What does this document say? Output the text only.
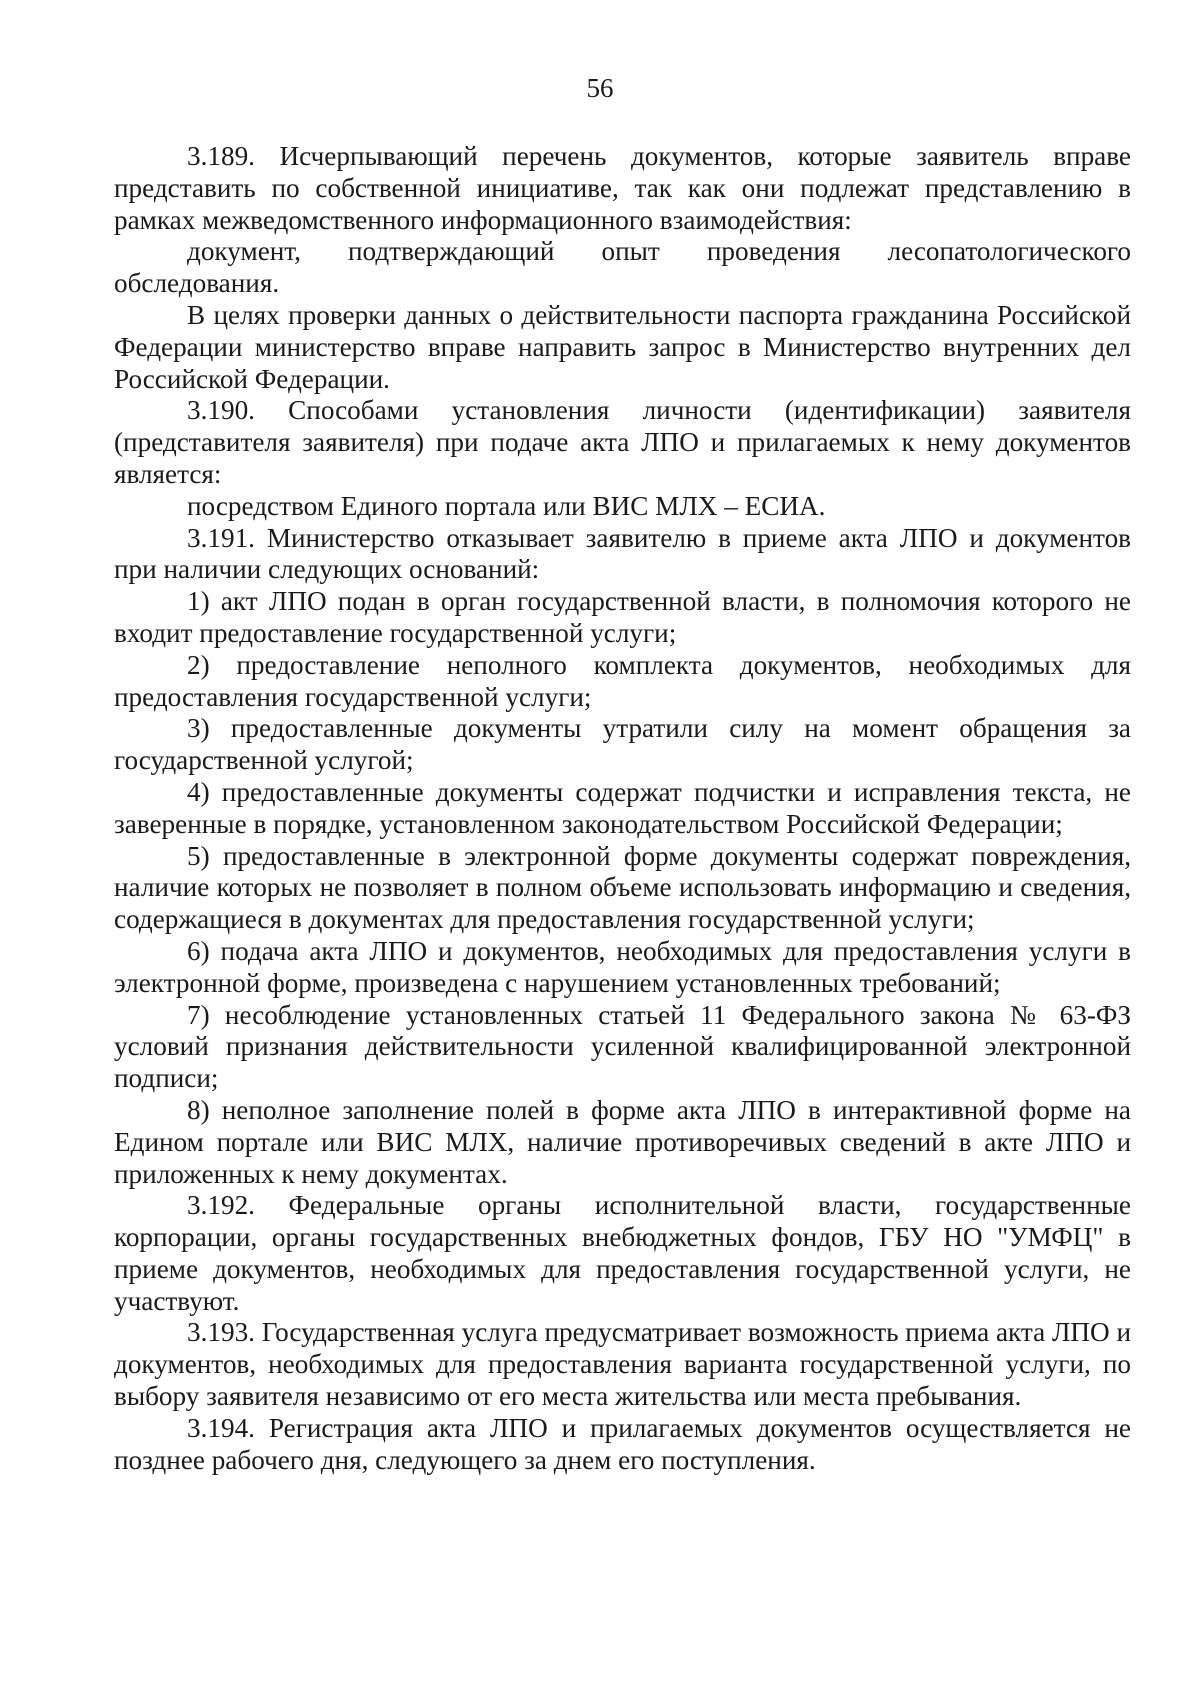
56

3.189. Исчерпывающий перечень документов, которые заявитель вправе представить по собственной инициативе, так как они подлежат представлению в рамках межведомственного информационного взаимодействия:

документ, подтверждающий опыт проведения лесопатологического обследования.

В целях проверки данных о действительности паспорта гражданина Российской Федерации министерство вправе направить запрос в Министерство внутренних дел Российской Федерации.

3.190. Способами установления личности (идентификации) заявителя (представителя заявителя) при подаче акта ЛПО и прилагаемых к нему документов является:

посредством Единого портала или ВИС МЛХ – ЕСИА.

3.191. Министерство отказывает заявителю в приеме акта ЛПО и документов при наличии следующих оснований:

1) акт ЛПО подан в орган государственной власти, в полномочия которого не входит предоставление государственной услуги;

2) предоставление неполного комплекта документов, необходимых для предоставления государственной услуги;

3) предоставленные документы утратили силу на момент обращения за государственной услугой;

4) предоставленные документы содержат подчистки и исправления текста, не заверенные в порядке, установленном законодательством Российской Федерации;

5) предоставленные в электронной форме документы содержат повреждения, наличие которых не позволяет в полном объеме использовать информацию и сведения, содержащиеся в документах для предоставления государственной услуги;

6) подача акта ЛПО и документов, необходимых для предоставления услуги в электронной форме, произведена с нарушением установленных требований;

7) несоблюдение установленных статьей 11 Федерального закона № 63-ФЗ условий признания действительности усиленной квалифицированной электронной подписи;

8) неполное заполнение полей в форме акта ЛПО в интерактивной форме на Едином портале или ВИС МЛХ, наличие противоречивых сведений в акте ЛПО и приложенных к нему документах.

3.192. Федеральные органы исполнительной власти, государственные корпорации, органы государственных внебюджетных фондов, ГБУ НО "УМФЦ" в приеме документов, необходимых для предоставления государственной услуги, не участвуют.

3.193. Государственная услуга предусматривает возможность приема акта ЛПО и документов, необходимых для предоставления варианта государственной услуги, по выбору заявителя независимо от его места жительства или места пребывания.

3.194. Регистрация акта ЛПО и прилагаемых документов осуществляется не позднее рабочего дня, следующего за днем его поступления.
